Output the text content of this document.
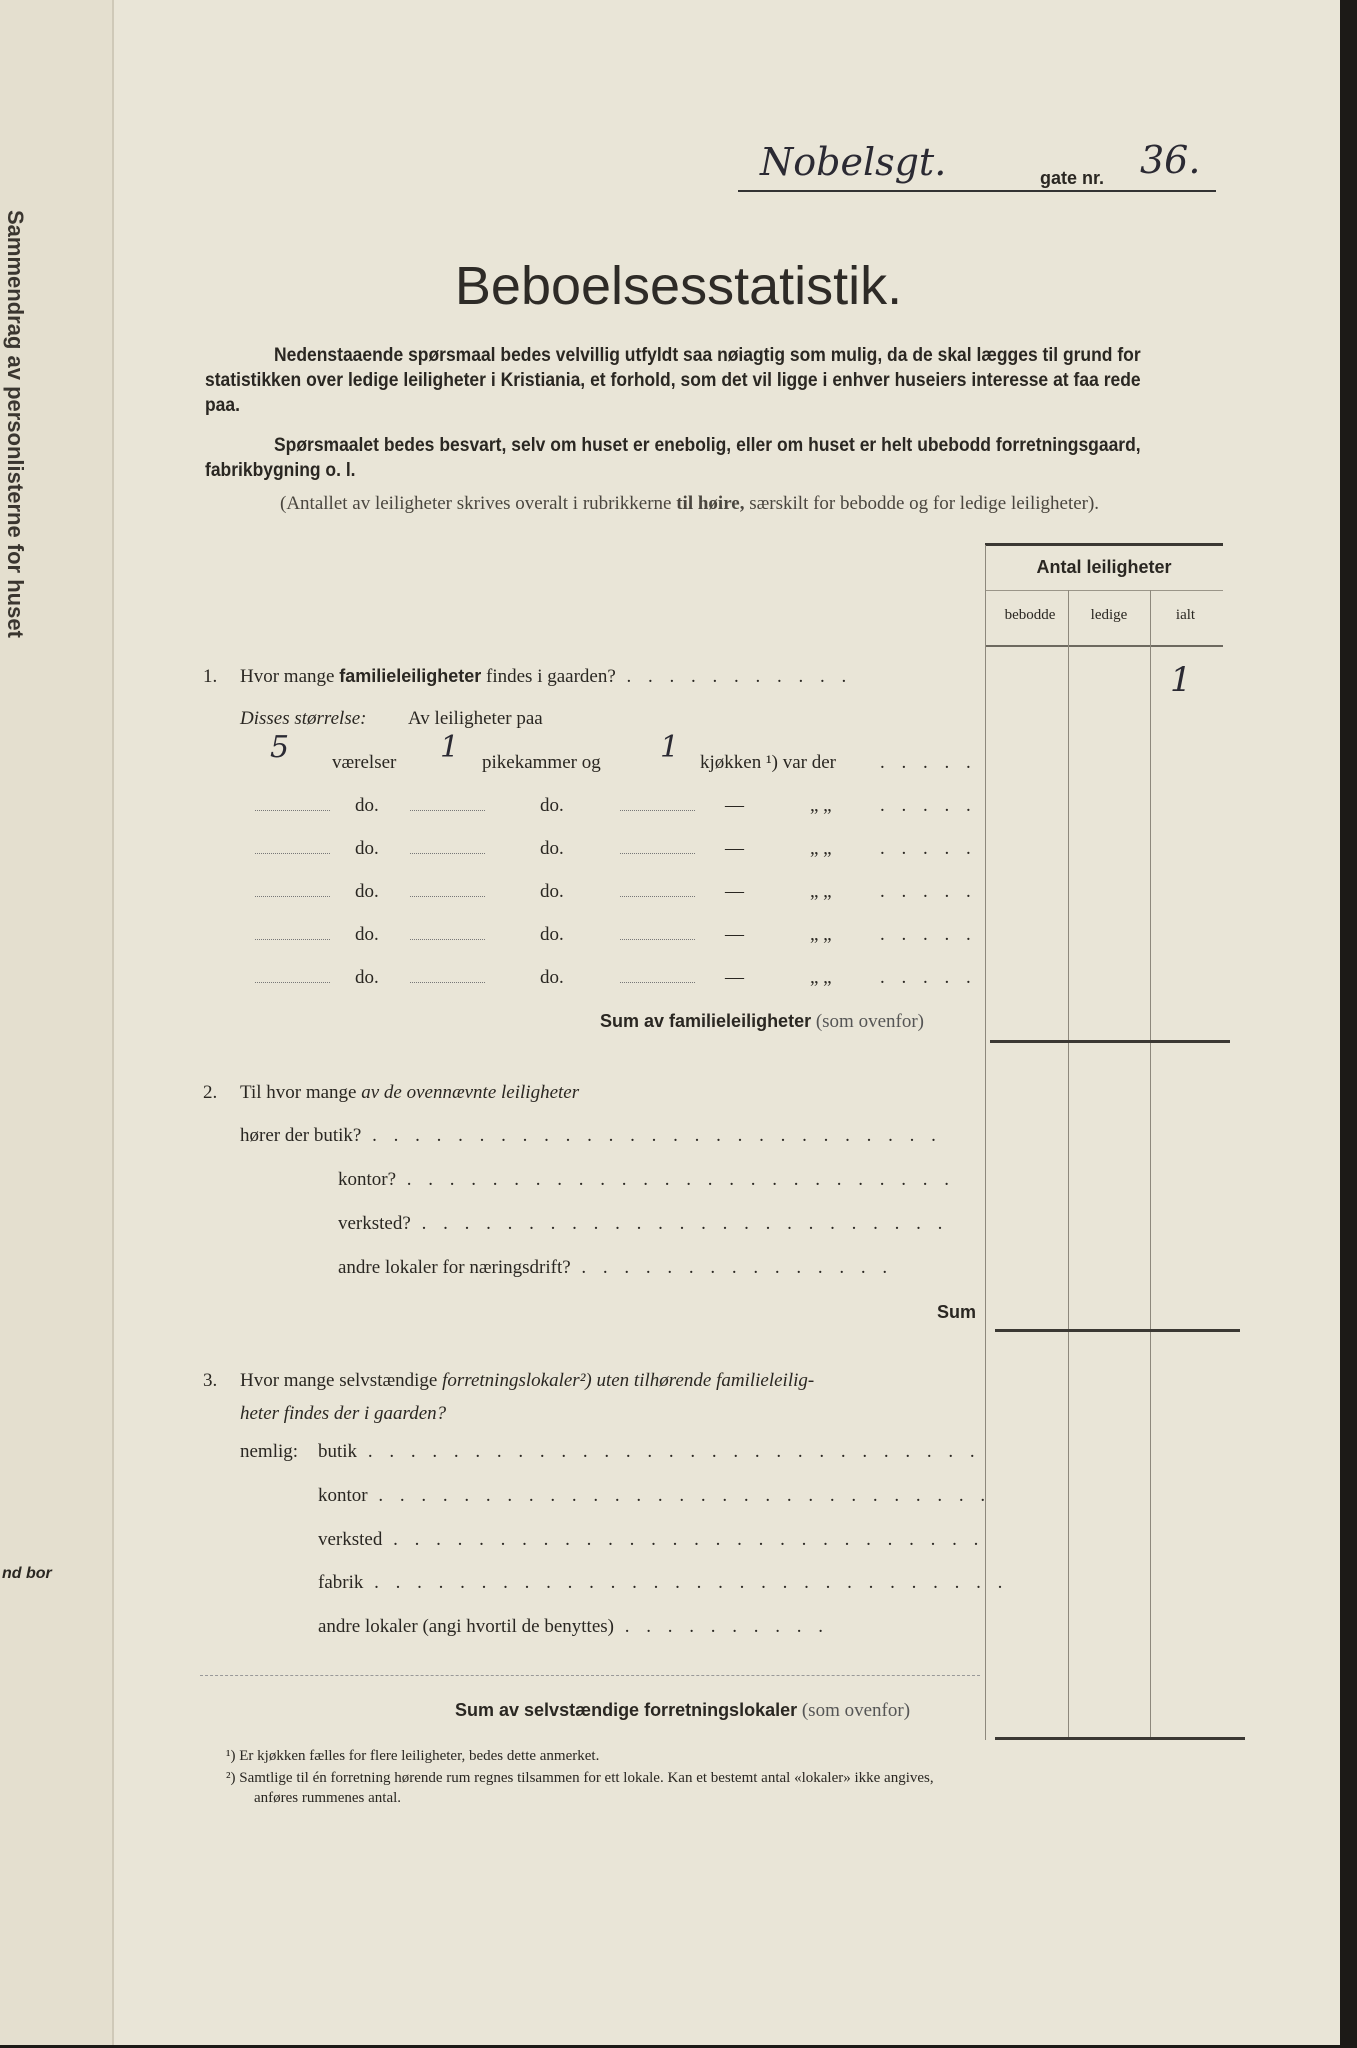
Sammendrag av personlisterne for huset
nd bor
Nobelsgt.	gate nr. 36.
Beboelsesstatistik.
Nedenstaaende spørsmaal bedes velvillig utfyldt saa nøiagtig som mulig, da de skal lægges til grund for statistikken over ledige leiligheter i Kristiania, et forhold, som det vil ligge i enhver huseiers interesse at faa rede paa.
Spørsmaalet bedes besvart, selv om huset er enebolig, eller om huset er helt ubebodd forretningsgaard, fabrikbygning o. l.
(Antallet av leiligheter skrives overalt i rubrikkerne til høire, særskilt for bebodde og for ledige leiligheter).
Antal leiligheter
bebodde	ledige	ialt
1. Hvor mange familieleiligheter findes i gaarden? . . . . . . . . . . .	1
Disses størrelse: Av leiligheter paa
5 værelser 1 pikekammer og 1 kjøkken ¹) var der . . . . .
do.	do.	—	„ „	. . . . .
do.	do.	—	„ „	. . . . .
do.	do.	—	„ „	. . . . .
do.	do.	—	„ „	. . . . .
do.	do.	—	„ „	. . . . .
Sum av familieleiligheter (som ovenfor)
2. Til hvor mange av de ovennævnte leiligheter
hører der butik? . . . . . . . . . . . . . . . . . . . . . . . . . . .
kontor? . . . . . . . . . . . . . . . . . . . . . . . . . .
verksted? . . . . . . . . . . . . . . . . . . . . . . . . .
andre lokaler for næringsdrift? . . . . . . . . . . . . . . .
Sum
3. Hvor mange selvstændige forretningslokaler²) uten tilhørende familieleilig-
heter findes der i gaarden?
nemlig: butik . . . . . . . . . . . . . . . . . . . . . . . . . . . . .
kontor . . . . . . . . . . . . . . . . . . . . . . . . . . . . .
verksted . . . . . . . . . . . . . . . . . . . . . . . . . . . .
fabrik . . . . . . . . . . . . . . . . . . . . . . . . . . . . . .
andre lokaler (angi hvortil de benyttes) . . . . . . . . . .
Sum av selvstændige forretningslokaler (som ovenfor)
¹) Er kjøkken fælles for flere leiligheter, bedes dette anmerket.
²) Samtlige til én forretning hørende rum regnes tilsammen for ett lokale. Kan et bestemt antal «lokaler» ikke angives,
anføres rummenes antal.
